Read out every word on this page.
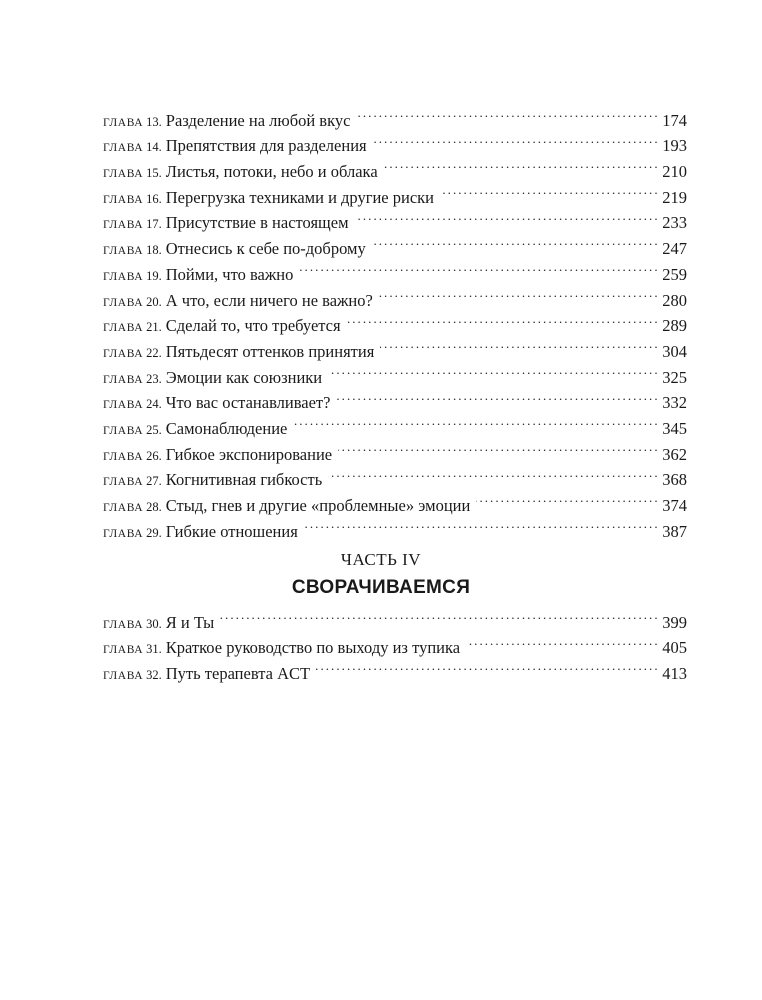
ГЛАВА 13. Разделение на любой вкус . . .	174
ГЛАВА 14. Препятствия для разделения . . .	193
ГЛАВА 15. Листья, потоки, небо и облака . . .	210
ГЛАВА 16. Перегрузка техниками и другие риски . . .	219
ГЛАВА 17. Присутствие в настоящем . . .	233
ГЛАВА 18. Отнесись к себе по-доброму . . .	247
ГЛАВА 19. Пойми, что важно . . .	259
ГЛАВА 20. А что, если ничего не важно? . . .	280
ГЛАВА 21. Сделай то, что требуется . . .	289
ГЛАВА 22. Пятьдесят оттенков принятия . . .	304
ГЛАВА 23. Эмоции как союзники . . .	325
ГЛАВА 24. Что вас останавливает? . . .	332
ГЛАВА 25. Самонаблюдение . . .	345
ГЛАВА 26. Гибкое экспонирование . . .	362
ГЛАВА 27. Когнитивная гибкость . . .	368
ГЛАВА 28. Стыд, гнев и другие «проблемные» эмоции . . .	374
ГЛАВА 29. Гибкие отношения . . .	387
ЧАСТЬ IV
СВОРАЧИВАЕМСЯ
ГЛАВА 30. Я и Ты . . .	399
ГЛАВА 31. Краткое руководство по выходу из тупика . . .	405
ГЛАВА 32. Путь терапевта ACT . . .	413
